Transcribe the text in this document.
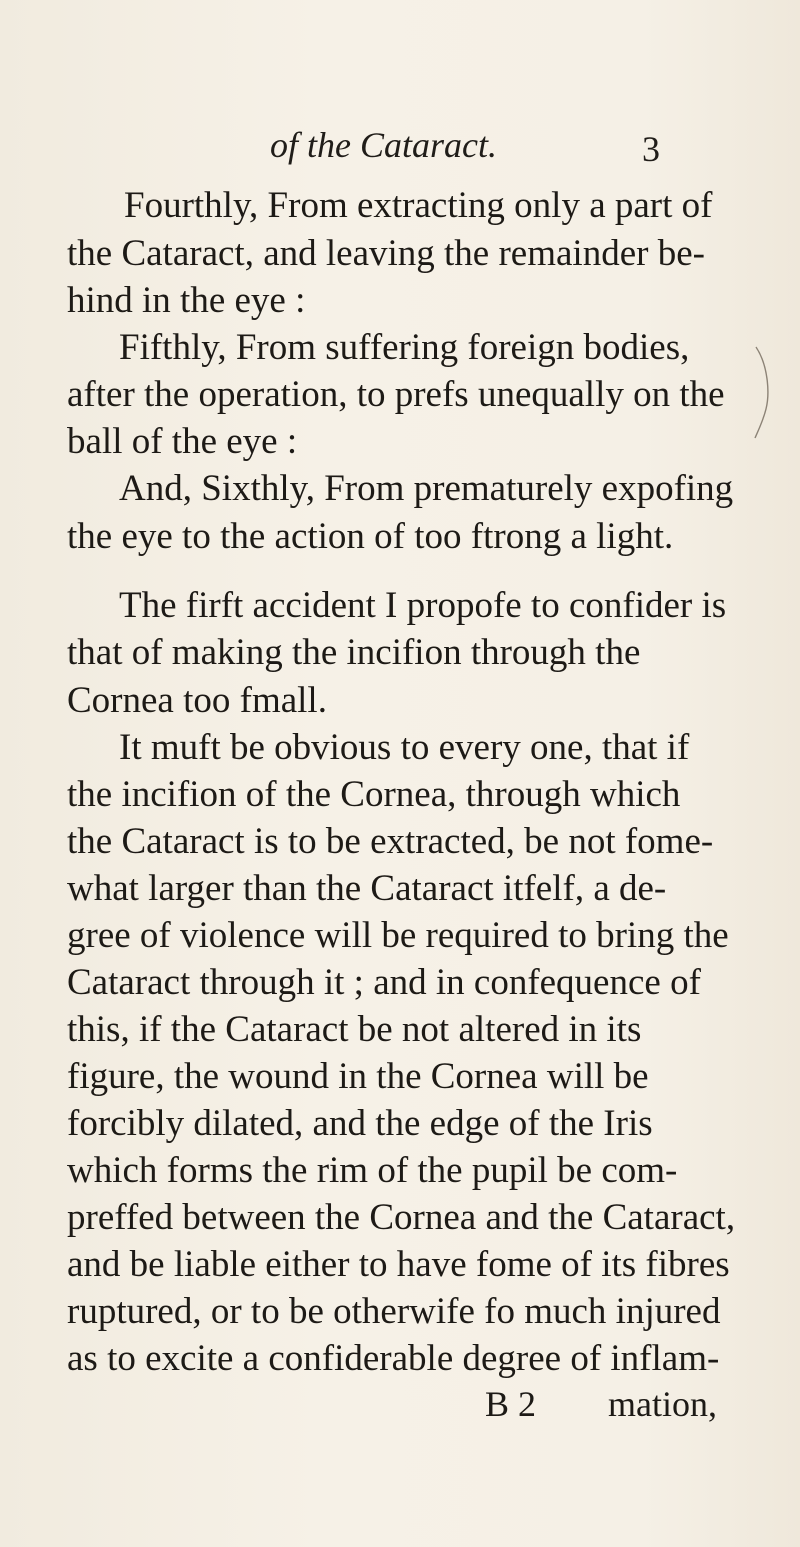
of the Cataract.	3
Fourthly, From extracting only a part of
the Cataract, and leaving the remainder be-
hind in the eye :
Fifthly, From suffering foreign bodies,
after the operation, to prefs unequally on the
ball of the eye :
And, Sixthly, From prematurely expofing
the eye to the action of too ftrong a light.
The firft accident I propofe to confider is
that of making the incifion through the
Cornea too fmall.
It muft be obvious to every one, that if
the incifion of the Cornea, through which
the Cataract is to be extracted, be not fome-
what larger than the Cataract itfelf, a de-
gree of violence will be required to bring the
Cataract through it ; and in confequence of
this, if the Cataract be not altered in its
figure, the wound in the Cornea will be
forcibly dilated, and the edge of the Iris
which forms the rim of the pupil be com-
preffed between the Cornea and the Cataract,
and be liable either to have fome of its fibres
ruptured, or to be otherwife fo much injured
as to excite a confiderable degree of inflam-
B 2 mation,
